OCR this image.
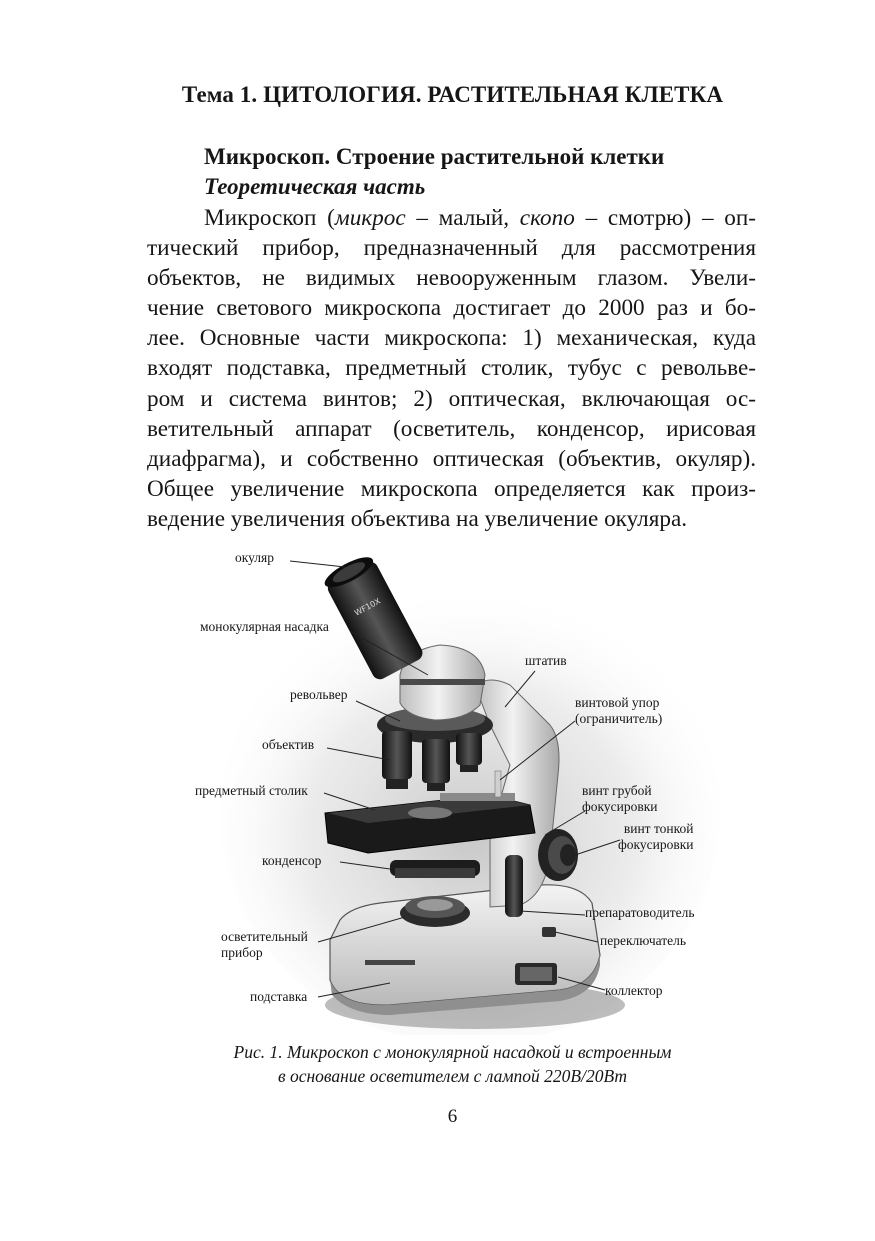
Тема 1. ЦИТОЛОГИЯ. РАСТИТЕЛЬНАЯ КЛЕТКА
Микроскоп. Строение растительной клетки
Теоретическая часть
Микроскоп (микрос – малый, скопо – смотрю) – оп-
тический прибор, предназначенный для рассмотрения
объектов, не видимых невооруженным глазом. Увели-
чение светового микроскопа достигает до 2000 раз и бо-
лее. Основные части микроскопа: 1) механическая, куда
входят подставка, предметный столик, тубус с револьве-
ром и система винтов; 2) оптическая, включающая ос-
ветительный аппарат (осветитель, конденсор, ирисовая
диафрагма), и собственно оптическая (объектив, окуляр).
Общее увеличение микроскопа определяется как произ-
ведение увеличения объектива на увеличение окуляра.
WF10X
окуляр
монокулярная насадка
штатив
револьвер
винтовой упор
(ограничитель)
объектив
предметный столик	винт грубой
фокусировки
винт тонкой
фокусировки
конденсор
препаратоводитель
осветительный
прибор
переключатель
подставка	коллектор
Рис. 1. Микроскоп с монокулярной насадкой и встроенным
в основание осветителем с лампой 220В/20Вт
6
